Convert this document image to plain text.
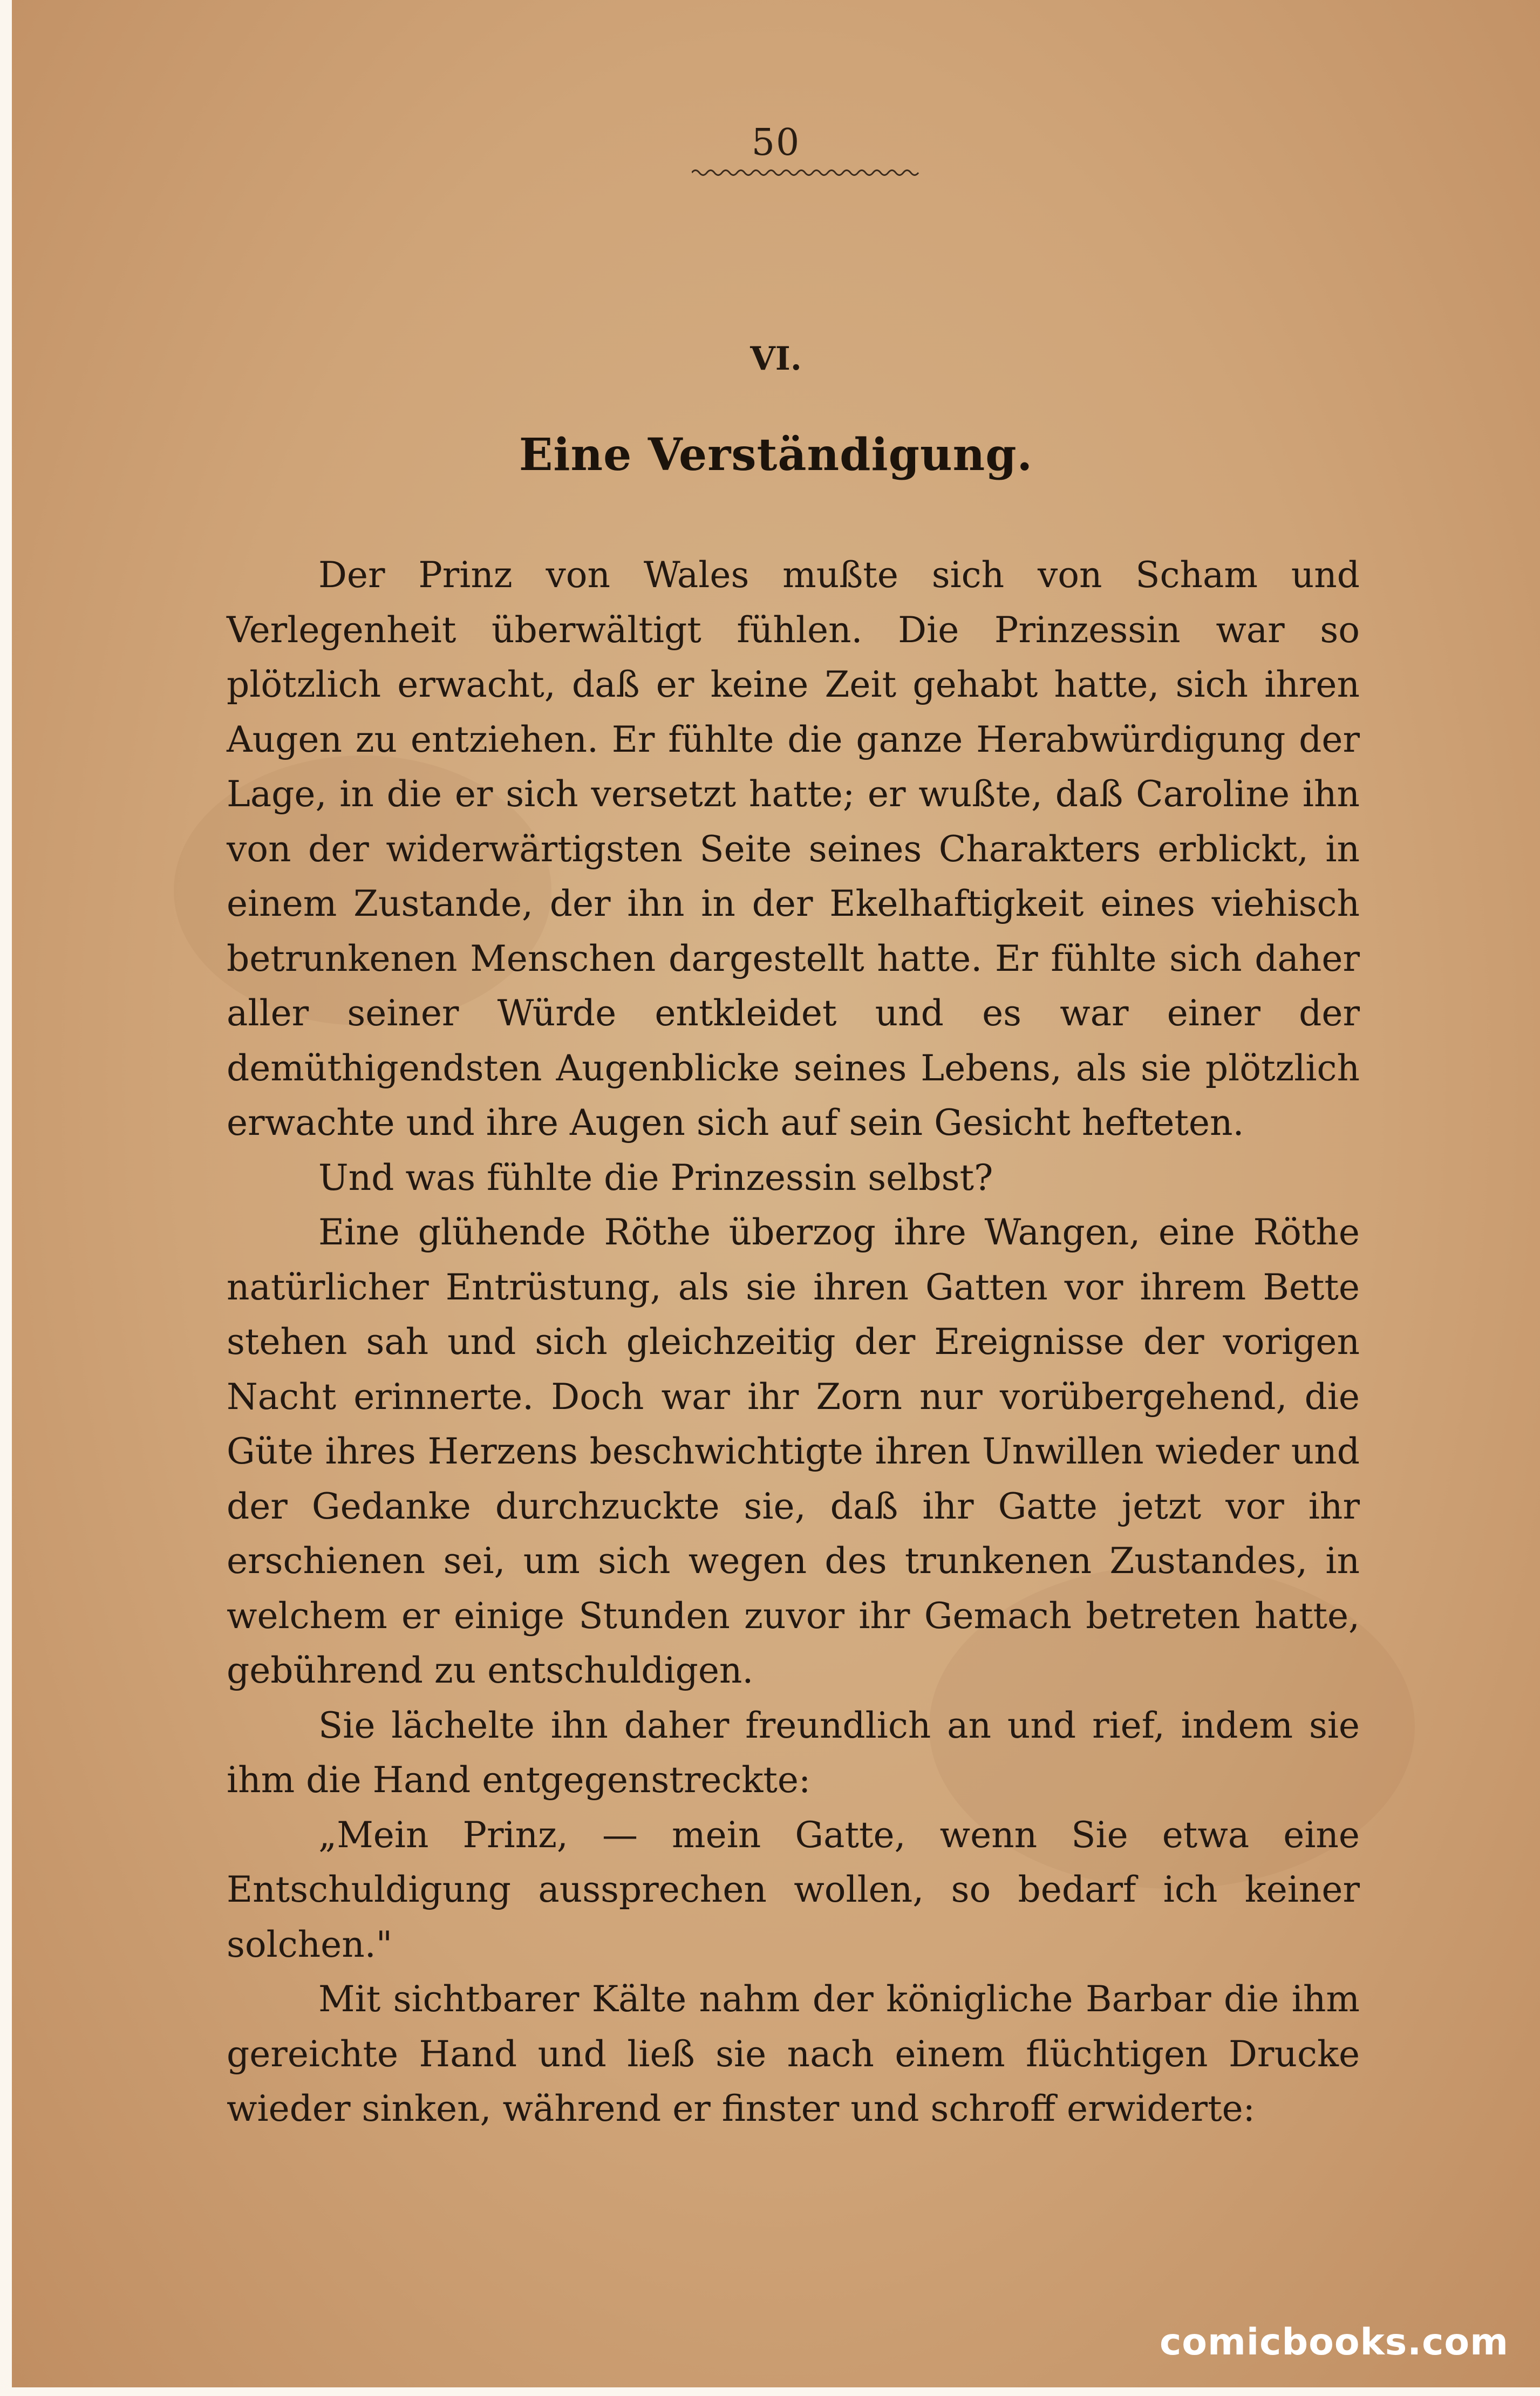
50
VI.
Eine Verständigung.

Der Prinz von Wales mußte sich von Scham und Verlegenheit überwältigt fühlen. Die Prinzessin war so plötzlich erwacht, daß er keine Zeit gehabt hatte, sich ihren Augen zu entziehen. Er fühlte die ganze Herabwürdigung der Lage, in die er sich versetzt hatte; er wußte, daß Caroline ihn von der widerwärtigsten Seite seines Charakters erblickt, in einem Zustande, der ihn in der Ekelhaftigkeit eines viehisch betrunkenen Menschen dargestellt hatte. Er fühlte sich daher aller seiner Würde entkleidet und es war einer der demüthigendsten Augenblicke seines Lebens, als sie plötzlich erwachte und ihre Augen sich auf sein Gesicht hefteten.

Und was fühlte die Prinzessin selbst?

Eine glühende Röthe überzog ihre Wangen, eine Röthe natürlicher Entrüstung, als sie ihren Gatten vor ihrem Bette stehen sah und sich gleichzeitig der Ereignisse der vorigen Nacht erinnerte. Doch war ihr Zorn nur vorübergehend, die Güte ihres Herzens beschwichtigte ihren Unwillen wieder und der Gedanke durchzuckte sie, daß ihr Gatte jetzt vor ihr erschienen sei, um sich wegen des trunkenen Zustandes, in welchem er einige Stunden zuvor ihr Gemach betreten hatte, gebührend zu entschuldigen.

Sie lächelte ihn daher freundlich an und rief, indem sie ihm die Hand entgegenstreckte:

„Mein Prinz, — mein Gatte, wenn Sie etwa eine Entschuldigung aussprechen wollen, so bedarf ich keiner solchen."

Mit sichtbarer Kälte nahm der königliche Barbar die ihm gereichte Hand und ließ sie nach einem flüchtigen Drucke wieder sinken, während er finster und schroff erwiderte:

comicbooks.com
